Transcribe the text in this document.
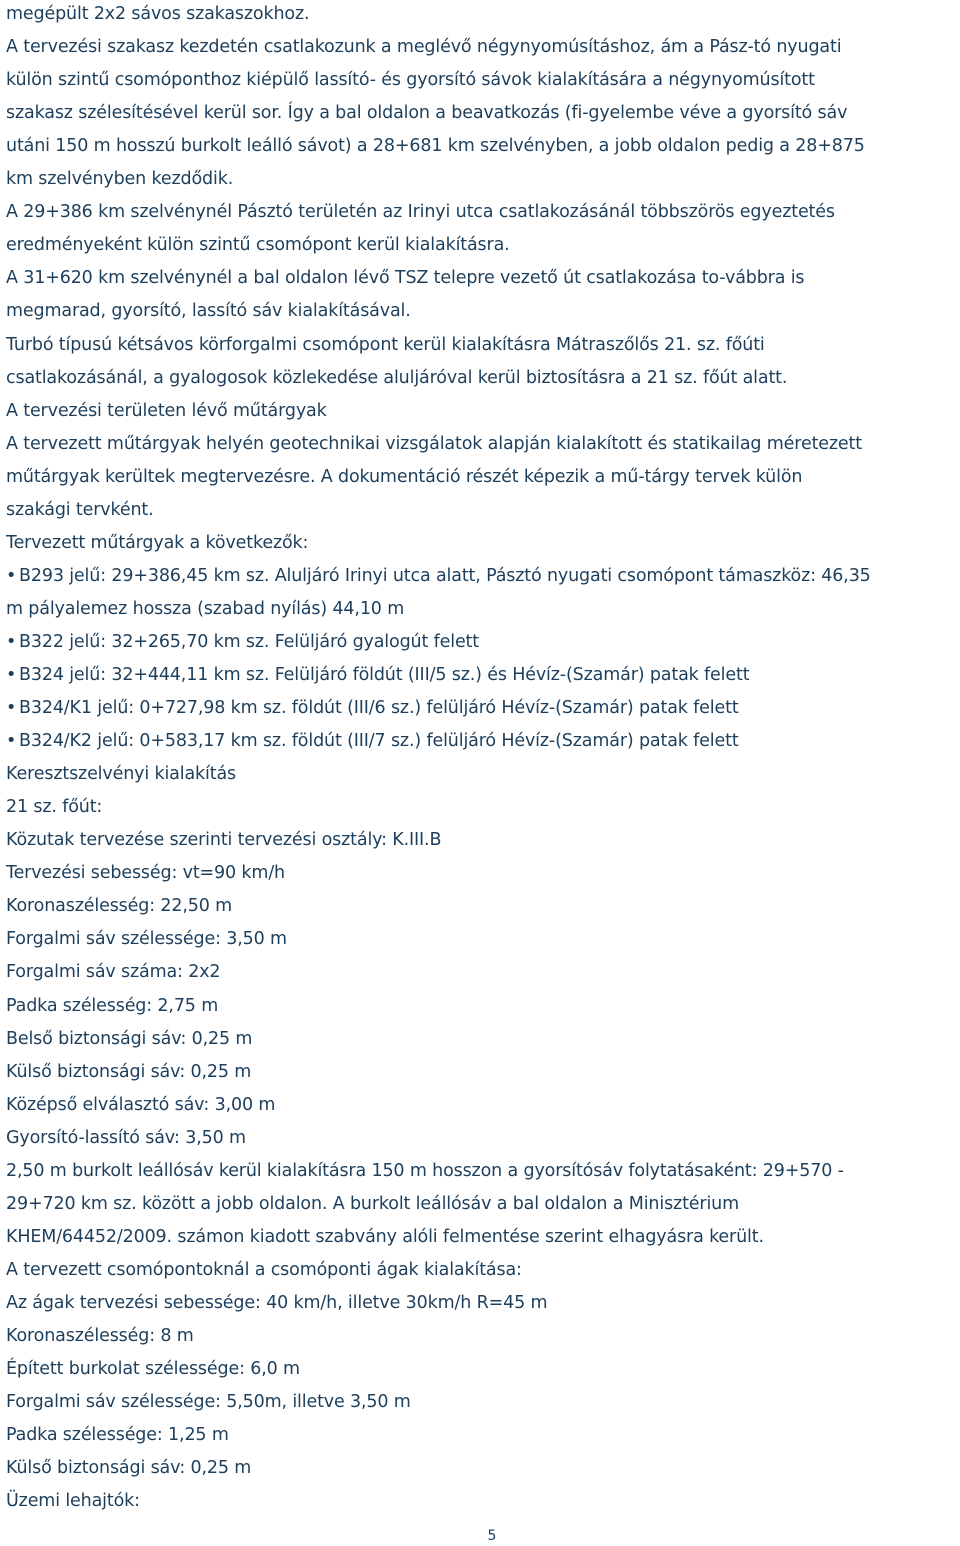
megépült 2x2 sávos szakaszokhoz.
A tervezési szakasz kezdetén csatlakozunk a meglévő négynyomúsításhoz, ám a Pász-tó nyugati
külön szintű csomóponthoz kiépülő lassító- és gyorsító sávok kialakítására a négynyomúsított
szakasz szélesítésével kerül sor. Így a bal oldalon a beavatkozás (fi-gyelembe véve a gyorsító sáv
utáni 150 m hosszú burkolt leálló sávot) a 28+681 km szelvényben, a jobb oldalon pedig a 28+875
km szelvényben kezdődik.
A 29+386 km szelvénynél Pásztó területén az Irinyi utca csatlakozásánál többszörös egyeztetés
eredményeként külön szintű csomópont kerül kialakításra.
A 31+620 km szelvénynél a bal oldalon lévő TSZ telepre vezető út csatlakozása to-vábbra is
megmarad, gyorsító, lassító sáv kialakításával.
Turbó típusú kétsávos körforgalmi csomópont kerül kialakításra Mátraszőlős 21. sz. főúti
csatlakozásánál, a gyalogosok közlekedése aluljáróval kerül biztosításra a 21 sz. főút alatt.
A tervezési területen lévő műtárgyak
A tervezett műtárgyak helyén geotechnikai vizsgálatok alapján kialakított és statikailag méretezett
műtárgyak kerültek megtervezésre. A dokumentáció részét képezik a mű-tárgy tervek külön
szakági tervként.
Tervezett műtárgyak a következők:
• B293 jelű: 29+386,45 km sz. Aluljáró Irinyi utca alatt, Pásztó nyugati csomópont támaszköz: 46,35
m pályalemez hossza (szabad nyílás) 44,10 m
• B322 jelű: 32+265,70 km sz. Felüljáró gyalogút felett
• B324 jelű: 32+444,11 km sz. Felüljáró földút (III/5 sz.) és Hévíz-(Szamár) patak felett
• B324/K1 jelű: 0+727,98 km sz. földút (III/6 sz.) felüljáró Hévíz-(Szamár) patak felett
• B324/K2 jelű: 0+583,17 km sz. földút (III/7 sz.) felüljáró Hévíz-(Szamár) patak felett
Keresztszelvényi kialakítás
21 sz. főút:
Közutak tervezése szerinti tervezési osztály: K.III.B
Tervezési sebesség: vt=90 km/h
Koronaszélesség: 22,50 m
Forgalmi sáv szélessége: 3,50 m
Forgalmi sáv száma: 2x2
Padka szélesség: 2,75 m
Belső biztonsági sáv: 0,25 m
Külső biztonsági sáv: 0,25 m
Középső elválasztó sáv: 3,00 m
Gyorsító-lassító sáv: 3,50 m
2,50 m burkolt leállósáv kerül kialakításra 150 m hosszon a gyorsítósáv folytatásaként: 29+570 -
29+720 km sz. között a jobb oldalon. A burkolt leállósáv a bal oldalon a Minisztérium
KHEM/64452/2009. számon kiadott szabvány alóli felmentése szerint elhagyásra került.
A tervezett csomópontoknál a csomóponti ágak kialakítása:
Az ágak tervezési sebessége: 40 km/h, illetve 30km/h R=45 m
Koronaszélesség: 8 m
Épített burkolat szélessége: 6,0 m
Forgalmi sáv szélessége: 5,50m, illetve 3,50 m
Padka szélessége: 1,25 m
Külső biztonsági sáv: 0,25 m
Üzemi lehajtók:
5
